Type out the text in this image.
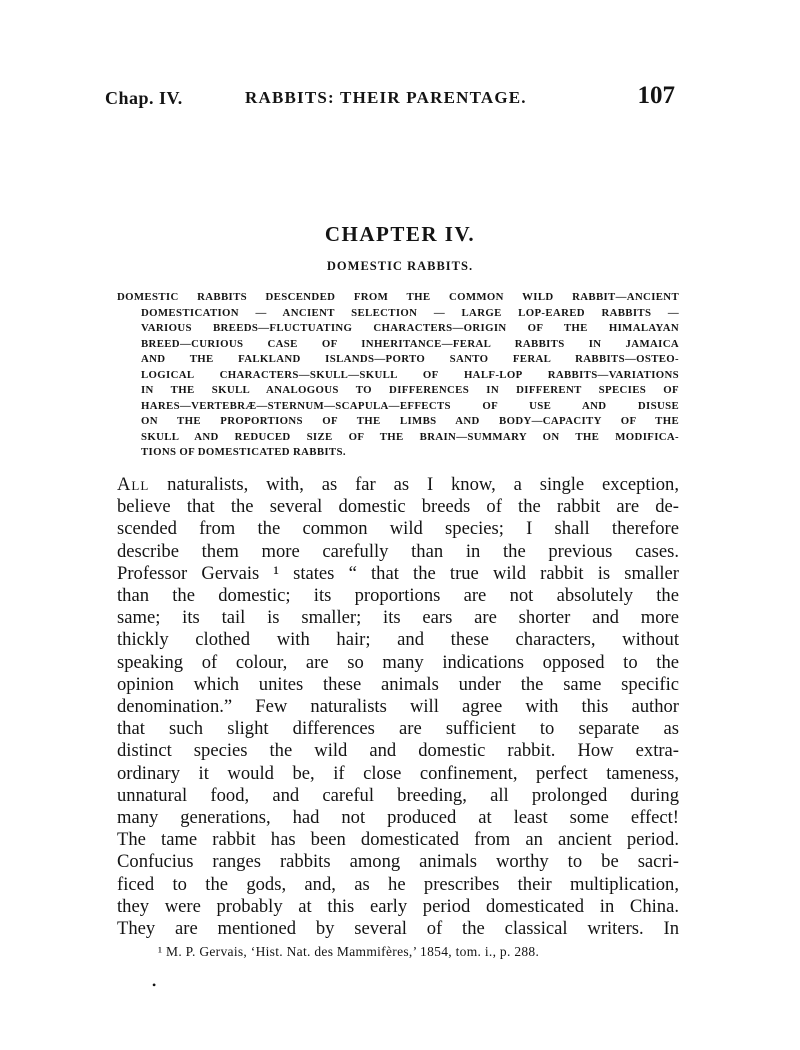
Chap. IV.	RABBITS: THEIR PARENTAGE.	107
CHAPTER IV.
DOMESTIC RABBITS.
DOMESTIC RABBITS DESCENDED FROM THE COMMON WILD RABBIT—ANCIENT
DOMESTICATION — ANCIENT SELECTION — LARGE LOP-EARED RABBITS —
VARIOUS BREEDS—FLUCTUATING CHARACTERS—ORIGIN OF THE HIMALAYAN
BREED—CURIOUS CASE OF INHERITANCE—FERAL RABBITS IN JAMAICA
AND THE FALKLAND ISLANDS—PORTO SANTO FERAL RABBITS—OSTEO-
LOGICAL CHARACTERS—SKULL—SKULL OF HALF-LOP RABBITS—VARIATIONS
IN THE SKULL ANALOGOUS TO DIFFERENCES IN DIFFERENT SPECIES OF
HARES—VERTEBRÆ—STERNUM—SCAPULA—EFFECTS OF USE AND DISUSE
ON THE PROPORTIONS OF THE LIMBS AND BODY—CAPACITY OF THE
SKULL AND REDUCED SIZE OF THE BRAIN—SUMMARY ON THE MODIFICA-
TIONS OF DOMESTICATED RABBITS.
All naturalists, with, as far as I know, a single exception,
believe that the several domestic breeds of the rabbit are de-
scended from the common wild species; I shall therefore
describe them more carefully than in the previous cases.
Professor Gervais ¹ states “ that the true wild rabbit is smaller
than the domestic; its proportions are not absolutely the
same; its tail is smaller; its ears are shorter and more
thickly clothed with hair; and these characters, without
speaking of colour, are so many indications opposed to the
opinion which unites these animals under the same specific
denomination.” Few naturalists will agree with this author
that such slight differences are sufficient to separate as
distinct species the wild and domestic rabbit. How extra-
ordinary it would be, if close confinement, perfect tameness,
unnatural food, and careful breeding, all prolonged during
many generations, had not produced at least some effect!
The tame rabbit has been domesticated from an ancient period.
Confucius ranges rabbits among animals worthy to be sacri-
ficed to the gods, and, as he prescribes their multiplication,
they were probably at this early period domesticated in China.
They are mentioned by several of the classical writers. In
¹ M. P. Gervais, ‘Hist. Nat. des Mammifères,’ 1854, tom. i., p. 288.
•
